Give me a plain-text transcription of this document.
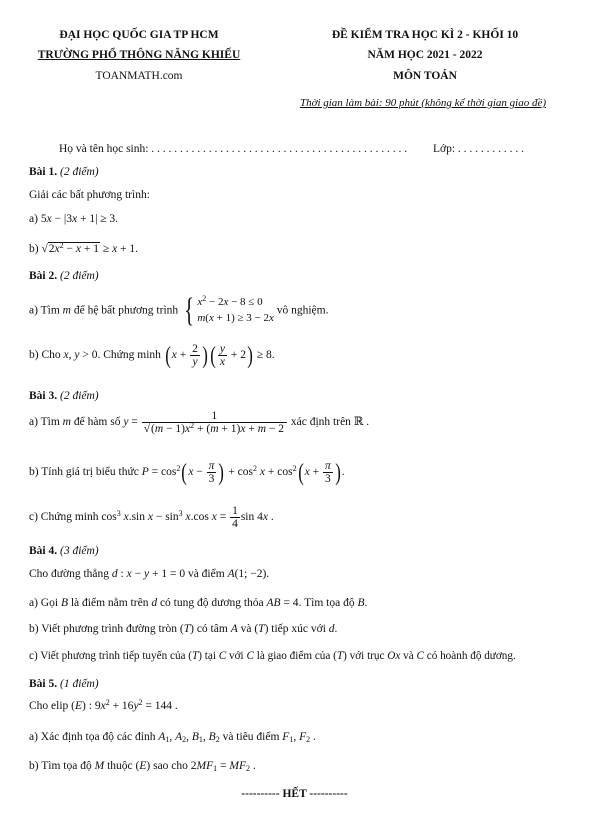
ĐẠI HỌC QUỐC GIA TP HCM
TRƯỜNG PHỔ THÔNG NĂNG KHIẾU
TOANMATH.com
ĐỀ KIỂM TRA HỌC KÌ 2 - KHỐI 10
NĂM HỌC 2021 - 2022
MÔN TOÁN
Thời gian làm bài: 90 phút (không kể thời gian giao đề)
Họ và tên học sinh: . . . . . . . . . . . . . . . . . . . . . . . . . . . . . . . . . . . . . . . . . . . . . Lớp: . . . . . . . . . . . .
Bài 1. (2 điểm)
Giải các bất phương trình:
a) 5x − |3x + 1| ≥ 3.
b) $√2x^2 - x + 1 \ge x + 1$.
Bài 2. (2 điểm)
a) Tìm m để hệ bất phương trình { $x^2 - 2x - 8 \le 0$
m(x + 1) ≥ 3 − 2x vô nghiệm.
b) Cho x, y > 0. Chứng minh ($x + \frac{2}{y}$ )( $\frac{y}{x} + 2) \ge 8$.
Bài 3. (2 điểm)
a) Tìm m để hàm số $y = \frac{1}{√(m - 1)x^2 + (m + 1)x + m - 2}$ xác định trên ℝ .
b) Tính giá trị biểu thức $P = \cos^2(x - \frac{\pi}{3}$ ) + $\cos^2 x + \cos^2(x + \frac{\pi}{3}$ ).
c) Chứng minh $\cos^3 x.\sin$ $x - \sin^3 x.\cos$ $x = \frac{1}{4}$ sin 4x .
Bài 4. (3 điểm)
Cho đường thẳng d : x − y + 1 = 0 và điểm A(1; −2).
a) Gọi B là điểm nằm trên d có tung độ dương thỏa AB = 4. Tìm tọa độ B.
b) Viết phương trình đường tròn (T) có tâm A và (T) tiếp xúc với d.
c) Viết phương trình tiếp tuyến của (T) tại C với C là giao điểm của (T) với trục Ox và C có hoành độ dương.
Bài 5. (1 điểm)
Cho elip (E) : $9x^2 + 16y^2 = 144$ .
a) Xác định tọa độ các đỉnh $A_1$, $A_2$, $B_1$, $B_2$ và tiêu điểm $F_1$, $F_2$ .
b) Tìm tọa độ M thuộc (E) sao cho $2MF_1 = MF_2$ .
---------- HẾT ----------
